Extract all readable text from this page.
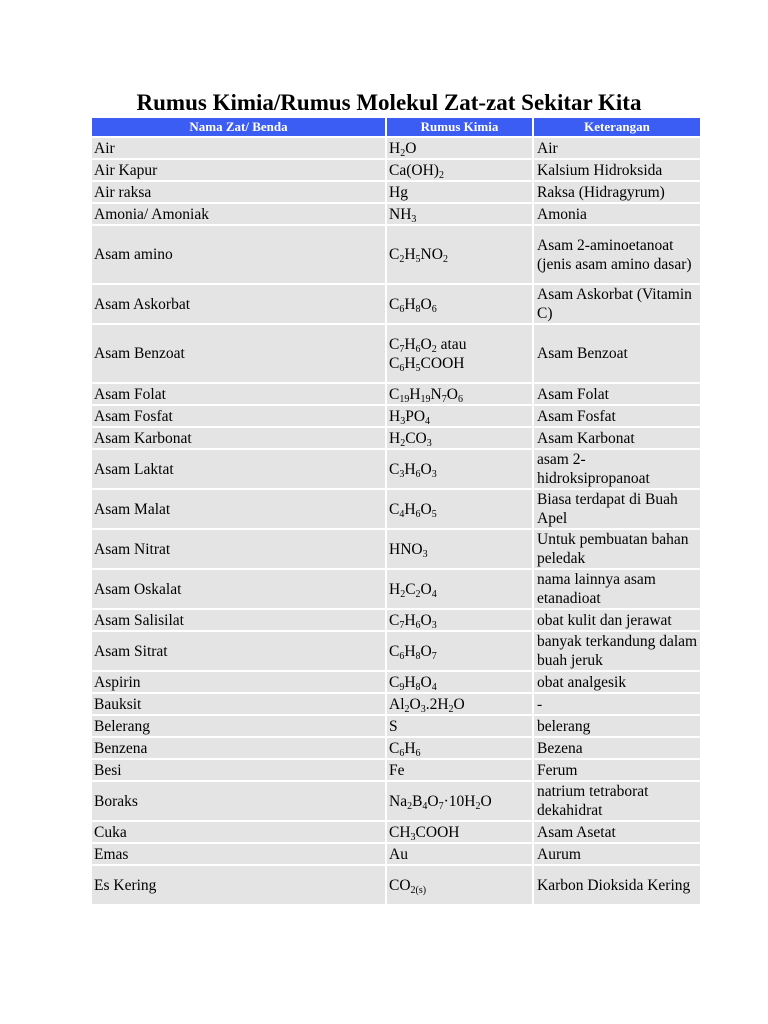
Rumus Kimia/Rumus Molekul Zat-zat Sekitar Kita
Nama Zat/ Benda	Rumus Kimia	Keterangan
Air	$H_2O$	Air
Air Kapur	$Ca(OH)_2$	Kalsium Hidroksida
Air raksa	Hg	Raksa (Hidragyrum)
Amonia/ Amoniak	$NH_3$	Amonia
Asam amino	$C_2H_5NO_2$	Asam 2-aminoetanoat (jenis asam amino dasar)
Asam Askorbat	$C_6H_8O_6$	Asam Askorbat (Vitamin C)
Asam Benzoat	$C_7H_6O_2$ atau $C_6H_5COOH$	Asam Benzoat
Asam Folat	$C_{19}H_{19}N_7O_6$	Asam Folat
Asam Fosfat	$H_3PO_4$	Asam Fosfat
Asam Karbonat	$H_2CO_3$	Asam Karbonat
Asam Laktat	$C_3H_6O_3$	asam 2-hidroksipropanoat
Asam Malat	$C_4H_6O_5$	Biasa terdapat di Buah Apel
Asam Nitrat	$HNO_3$	Untuk pembuatan bahan peledak
Asam Oskalat	$H_2C_2O_4$	nama lainnya asam etanadioat
Asam Salisilat	$C_7H_6O_3$	obat kulit dan jerawat
Asam Sitrat	$C_6H_8O_7$	banyak terkandung dalam buah jeruk
Aspirin	$C_9H_8O_4$	obat analgesik
Bauksit	$Al_2O_3.2H_2O$	-
Belerang	S	belerang
Benzena	$C_6H_6$	Bezena
Besi	Fe	Ferum
Boraks	$Na_2B_4O_7\cdot 10H_2O$	natrium tetraborat dekahidrat
Cuka	$CH_3COOH$	Asam Asetat
Emas	Au	Aurum
Es Kering	$CO_{2(s)}$	Karbon Dioksida Kering
